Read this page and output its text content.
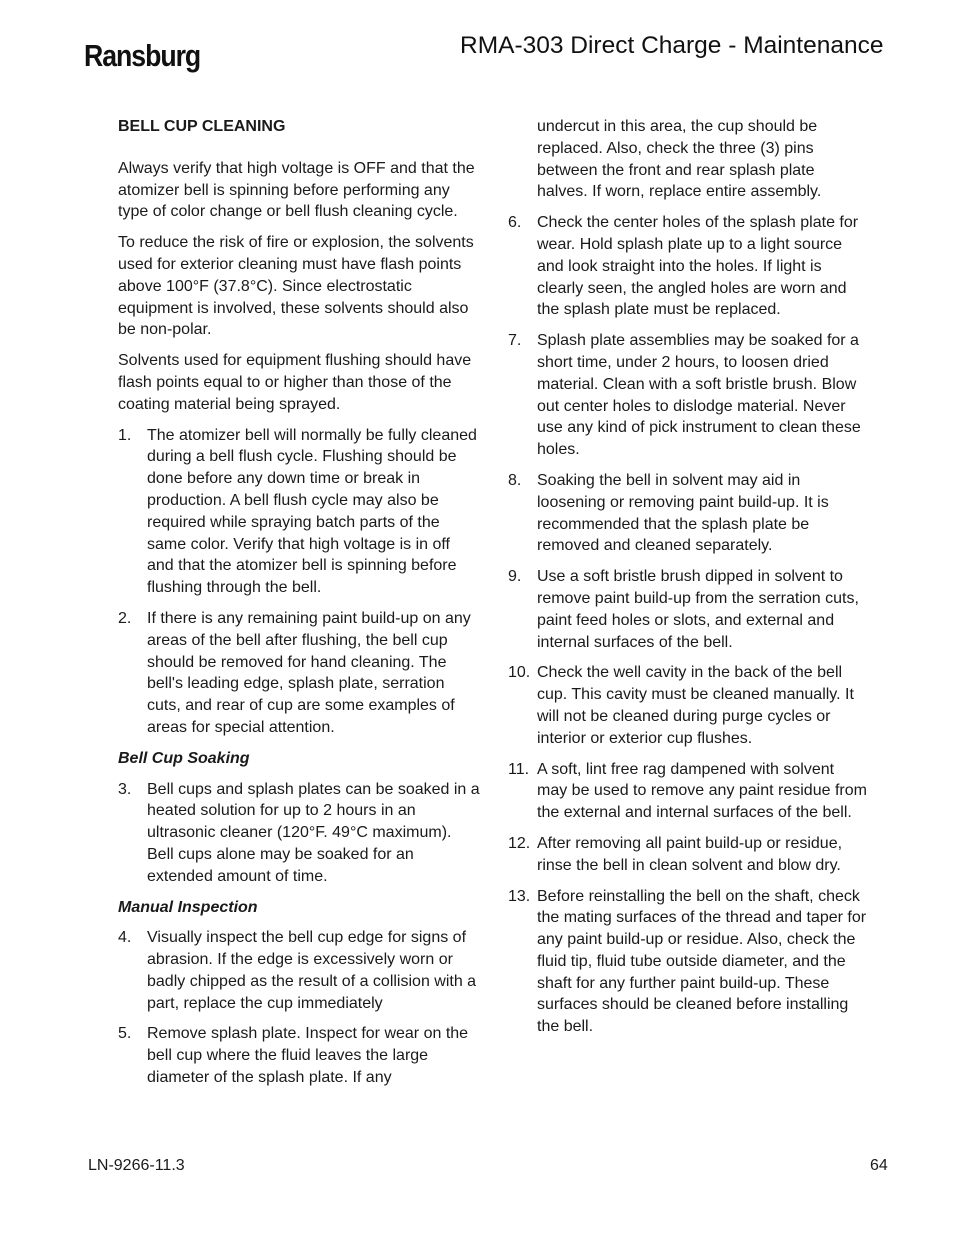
Ransburg	RMA-303 Direct Charge - Maintenance
BELL CUP CLEANING

Always verify that high voltage is OFF and that the atomizer bell is spinning before performing any type of color change or bell flush cleaning cycle.

To reduce the risk of fire or explosion, the solvents used for exterior cleaning must have flash points above 100°F (37.8°C). Since electrostatic equipment is involved, these solvents should also be non-polar.

Solvents used for equipment flushing should have flash points equal to or higher than those of the coating material being sprayed.

1. The atomizer bell will normally be fully cleaned during a bell flush cycle. Flushing should be done before any down time or break in production. A bell flush cycle may also be required while spraying batch parts of the same color. Verify that high voltage is in off and that the atomizer bell is spinning before flushing through the bell.
2. If there is any remaining paint build-up on any areas of the bell after flushing, the bell cup should be removed for hand cleaning. The bell's leading edge, splash plate, serration cuts, and rear of cup are some examples of areas for special attention.
Bell Cup Soaking
3. Bell cups and splash plates can be soaked in a heated solution for up to 2 hours in an ultrasonic cleaner (120°F. 49°C maximum). Bell cups alone may be soaked for an extended amount of time.
Manual Inspection
4. Visually inspect the bell cup edge for signs of abrasion. If the edge is excessively worn or badly chipped as the result of a collision with a part, replace the cup immediately
5. Remove splash plate. Inspect for wear on the bell cup where the fluid leaves the large diameter of the splash plate. If any
undercut in this area, the cup should be replaced. Also, check the three (3) pins between the front and rear splash plate halves. If worn, replace entire assembly.
6. Check the center holes of the splash plate for wear. Hold splash plate up to a light source and look straight into the holes. If light is clearly seen, the angled holes are worn and the splash plate must be replaced.
7. Splash plate assemblies may be soaked for a short time, under 2 hours, to loosen dried material. Clean with a soft bristle brush. Blow out center holes to dislodge material. Never use any kind of pick instrument to clean these holes.
8. Soaking the bell in solvent may aid in loosening or removing paint build-up. It is recommended that the splash plate be removed and cleaned separately.
9. Use a soft bristle brush dipped in solvent to remove paint build-up from the serration cuts, paint feed holes or slots, and external and internal surfaces of the bell.
10. Check the well cavity in the back of the bell cup. This cavity must be cleaned manually. It will not be cleaned during purge cycles or interior or exterior cup flushes.
11. A soft, lint free rag dampened with solvent may be used to remove any paint residue from the external and internal surfaces of the bell.
12. After removing all paint build-up or residue, rinse the bell in clean solvent and blow dry.
13. Before reinstalling the bell on the shaft, check the mating surfaces of the thread and taper for any paint build-up or residue. Also, check the fluid tip, fluid tube outside diameter, and the shaft for any further paint build-up. These surfaces should be cleaned before installing the bell.
LN-9266-11.3	64
